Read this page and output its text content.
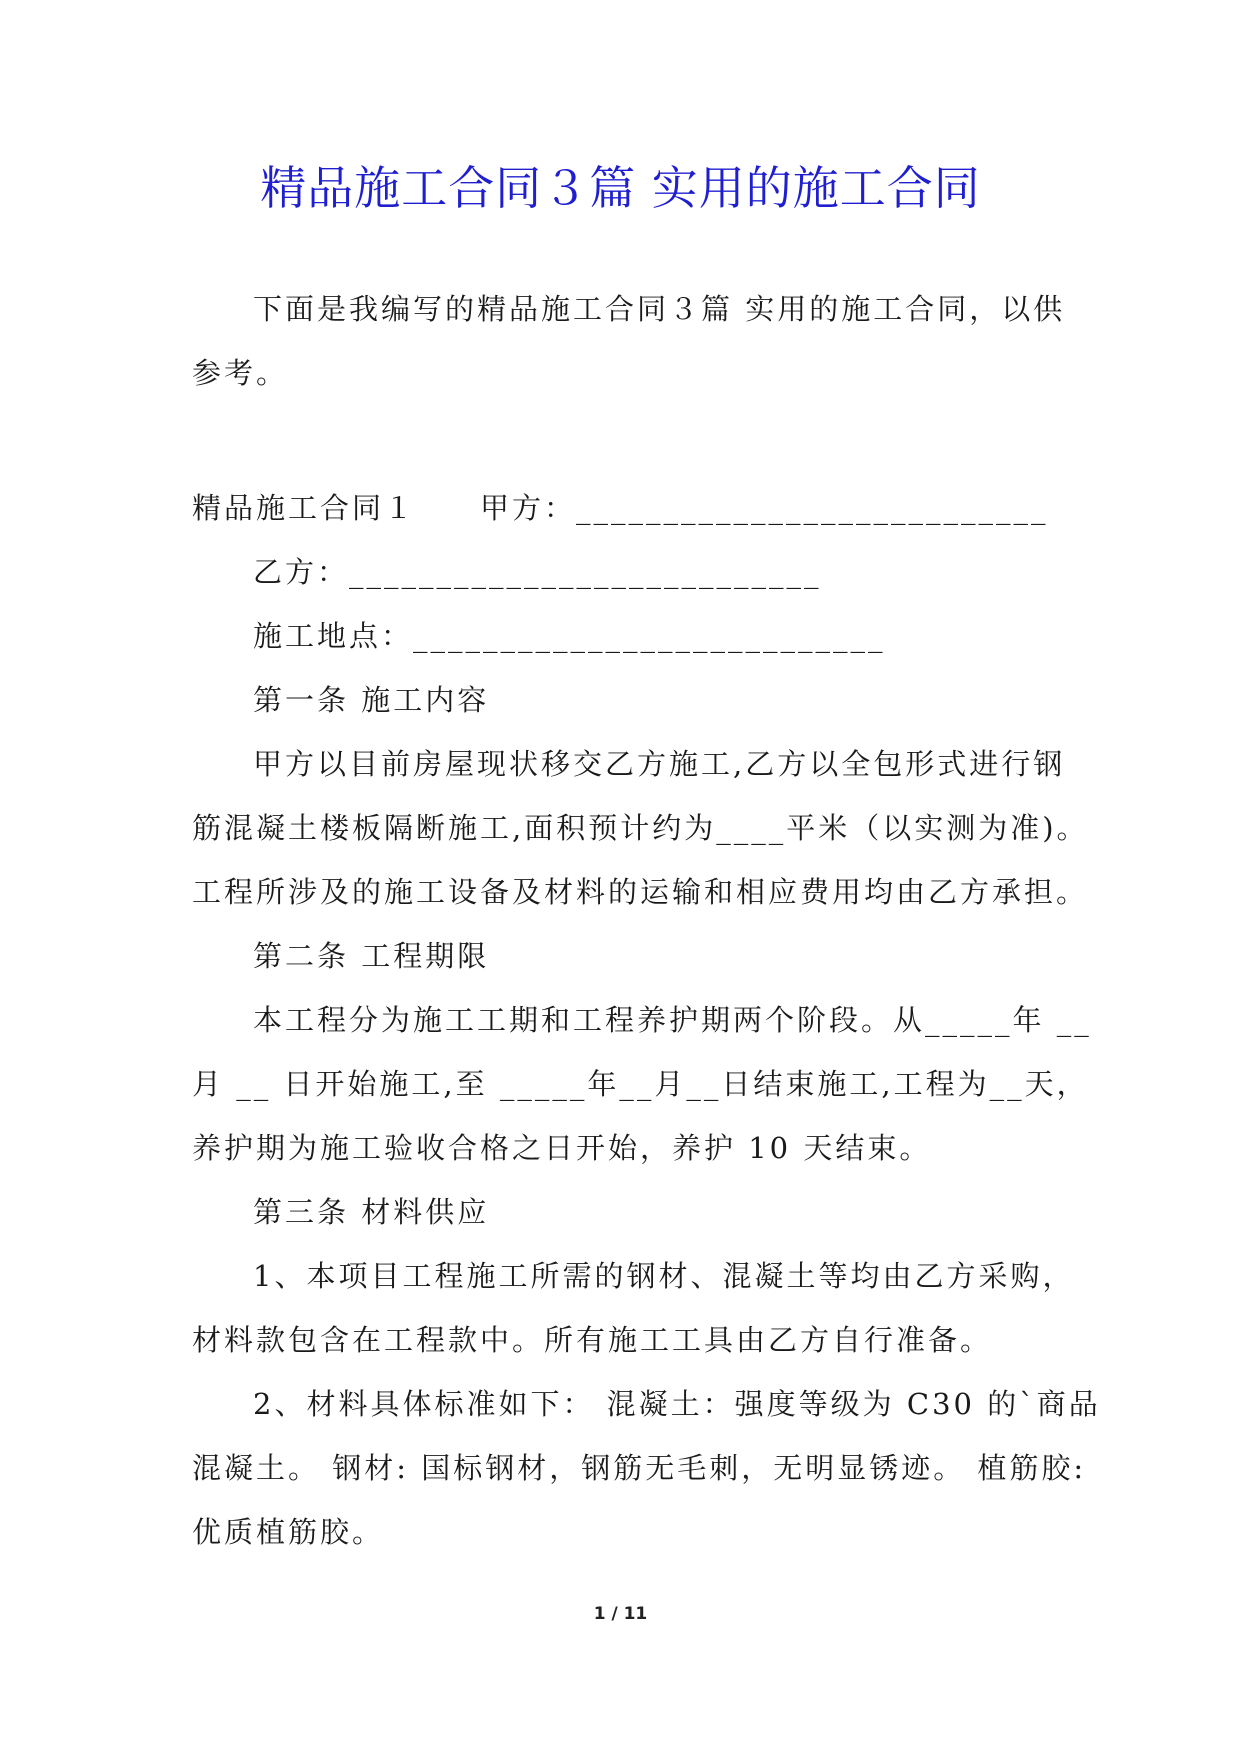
精品施工合同３篇 实用的施工合同
下面是我编写的精品施工合同３篇 实用的施工合同，以供
参考。
精品施工合同１　　甲方：___________________________
乙方：___________________________
施工地点：___________________________
第一条 施工内容
甲方以目前房屋现状移交乙方施工,乙方以全包形式进行钢
筋混凝土楼板隔断施工,面积预计约为____平米（以实测为准)。
工程所涉及的施工设备及材料的运输和相应费用均由乙方承担。
第二条 工程期限
本工程分为施工工期和工程养护期两个阶段。从_____年 __
月 __ 日开始施工,至 _____年__月__日结束施工,工程为__天，
养护期为施工验收合格之日开始，养护 10 天结束。
第三条 材料供应
1、本项目工程施工所需的钢材、混凝土等均由乙方采购，
材料款包含在工程款中。所有施工工具由乙方自行准备。
2、材料具体标准如下： 混凝土：强度等级为 C30 的`商品
混凝土。 钢材: 国标钢材，钢筋无毛刺，无明显锈迹。 植筋胶:
优质植筋胶。
1 / 11
